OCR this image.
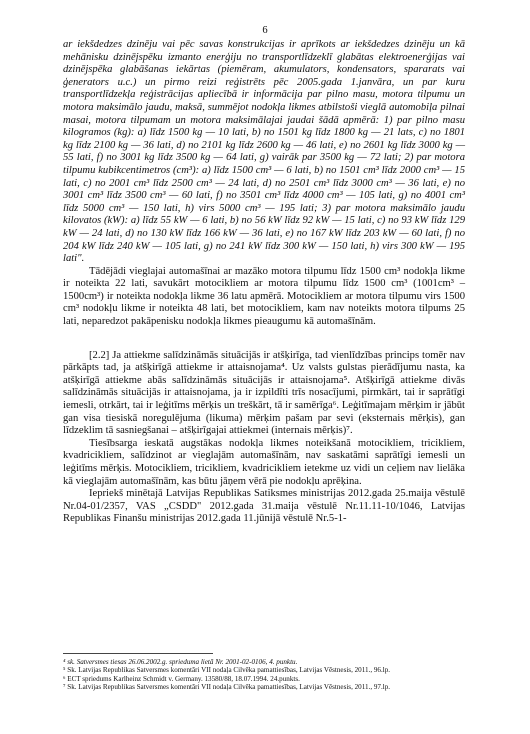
6

ar iekšdedzes dzinēju vai pēc savas konstrukcijas ir aprīkots ar iekšdedzes dzinēju un kā mehānisku dzinējspēku izmanto enerģiju no transportlīdzeklī glabātas elektroenerģijas vai dzinējspēka glabāšanas iekārtas (piemēram, akumulators, kondensators, spararats vai ģenerators u.c.) un pirmo reizi reģistrēts pēc 2005.gada 1.janvāra, un par kuru transportlīdzekļa reģistrācijas apliecībā ir informācija par pilno masu, motora tilpumu un motora maksimālo jaudu, maksā, summējot nodokļa likmes atbilstoši vieglā automobiļa pilnai masai, motora tilpumam un motora maksimālajai jaudai šādā apmērā: 1) par pilno masu kilogramos (kg): a) līdz 1500 kg — 10 lati, b) no 1501 kg līdz 1800 kg — 21 lats, c) no 1801 kg līdz 2100 kg — 36 lati, d) no 2101 kg līdz 2600 kg — 46 lati, e) no 2601 kg līdz 3000 kg — 55 lati, f) no 3001 kg līdz 3500 kg — 64 lati, g) vairāk par 3500 kg — 72 lati; 2) par motora tilpumu kubikcentimetros (cm³): a) līdz 1500 cm³ — 6 lati, b) no 1501 cm³ līdz 2000 cm³ — 15 lati, c) no 2001 cm³ līdz 2500 cm³ — 24 lati, d) no 2501 cm³ līdz 3000 cm³ — 36 lati, e) no 3001 cm³ līdz 3500 cm³ — 60 lati, f) no 3501 cm³ līdz 4000 cm³ — 105 lati, g) no 4001 cm³ līdz 5000 cm³ — 150 lati, h) virs 5000 cm³ — 195 lati; 3) par motora maksimālo jaudu kilovatos (kW): a) līdz 55 kW — 6 lati, b) no 56 kW līdz 92 kW — 15 lati, c) no 93 kW līdz 129 kW — 24 lati, d) no 130 kW līdz 166 kW — 36 lati, e) no 167 kW līdz 203 kW — 60 lati, f) no 204 kW līdz 240 kW — 105 lati, g) no 241 kW līdz 300 kW — 150 lati, h) virs 300 kW — 195 lati".

Tādējādi vieglajai automašīnai ar mazāko motora tilpumu līdz 1500 cm³ nodokļa likme ir noteikta 22 lati, savukārt motocikliem ar motora tilpumu līdz 1500 cm³ (1001cm³ – 1500cm³) ir noteikta nodokļa likme 36 latu apmērā. Motocikliem ar motora tilpumu virs 1500 cm³ nodokļu likme ir noteikta 48 lati, bet motocikliem, kam nav noteikts motora tilpums 25 lati, neparedzot pakāpenisku nodokļa likmes pieaugumu kā automašīnām.

[2.2] Ja attiekme salīdzināmās situācijās ir atšķirīga, tad vienlīdzības princips tomēr nav pārkāpts tad, ja atšķirīgā attiekme ir attaisnojama⁴. Uz valsts gulstas pierādījumu nasta, ka atšķirīgā attiekme abās salīdzināmās situācijās ir attaisnojama⁵. Atšķirīgā attiekme divās salīdzināmās situācijās ir attaisnojama, ja ir izpildīti trīs nosacījumi, pirmkārt, tai ir saprātīgi iemesli, otrkārt, tai ir leģitīms mērķis un treškārt, tā ir samērīga⁶. Leģitīmajam mērķim ir jābūt gan visa tiesiskā noregulējuma (likuma) mērķim pašam par sevi (eksternais mērķis), gan līdzeklim tā sasniegšanai – atšķirīgajai attiekmei (internais mērķis)⁷.

Tiesībsarga ieskatā augstākas nodokļa likmes noteikšanā motocikliem, tricikliem, kvadricikliem, salīdzinot ar vieglajām automašīnām, nav saskatāmi saprātīgi iemesli un leģitīms mērķis. Motocikliem, tricikliem, kvadricikliem ietekme uz vidi un ceļiem nav lielāka kā vieglajām automašīnām, kas būtu jāņem vērā pie nodokļu aprēķina.

Iepriekš minētajā Latvijas Republikas Satiksmes ministrijas 2012.gada 25.maija vēstulē Nr.04-01/2357, VAS „CSDD" 2012.gada 31.maija vēstulē Nr.11.11-10/1046, Latvijas Republikas Finanšu ministrijas 2012.gada 11.jūnijā vēstulē Nr.5-1-

⁴ sk. Satversmes tiesas 26.06.2002.g. sprieduma lietā Nr. 2001-02-0106, 4. punktu.

⁵ Sk. Latvijas Republikas Satversmes komentāri VII nodaļa Cilvēka pamattiesības, Latvijas Vēstnesis, 2011., 96.lp.

⁶ ECT spriedums Karlheinz Schmidt v. Germany. 13580/88, 18.07.1994. 24.punkts.

⁷ Sk. Latvijas Republikas Satversmes komentāri VII nodaļa Cilvēka pamattiesības, Latvijas Vēstnesis, 2011., 97.lp.
